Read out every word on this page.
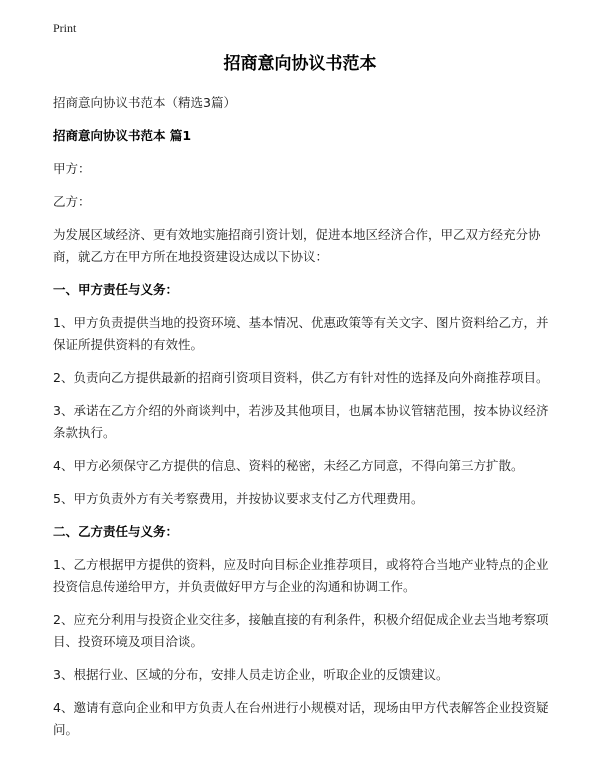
Print
招商意向协议书范本

招商意向协议书范本（精选3篇）

招商意向协议书范本 篇1

甲方：

乙方：

为发展区域经济、更有效地实施招商引资计划，促进本地区经济合作，甲乙双方经充分协商，就乙方在甲方所在地投资建设达成以下协议：

一、甲方责任与义务：

1、甲方负责提供当地的投资环境、基本情况、优惠政策等有关文字、图片资料给乙方，并保证所提供资料的有效性。

2、负责向乙方提供最新的招商引资项目资料，供乙方有针对性的选择及向外商推荐项目。

3、承诺在乙方介绍的外商谈判中，若涉及其他项目，也属本协议管辖范围，按本协议经济条款执行。

4、甲方必须保守乙方提供的信息、资料的秘密，未经乙方同意，不得向第三方扩散。

5、甲方负责外方有关考察费用，并按协议要求支付乙方代理费用。

二、乙方责任与义务：

1、乙方根据甲方提供的资料，应及时向目标企业推荐项目，或将符合当地产业特点的企业投资信息传递给甲方，并负责做好甲方与企业的沟通和协调工作。

2、应充分利用与投资企业交往多，接触直接的有利条件，积极介绍促成企业去当地考察项目、投资环境及项目洽谈。

3、根据行业、区域的分布，安排人员走访企业，听取企业的反馈建议。

4、邀请有意向企业和甲方负责人在台州进行小规模对话，现场由甲方代表解答企业投资疑问。
